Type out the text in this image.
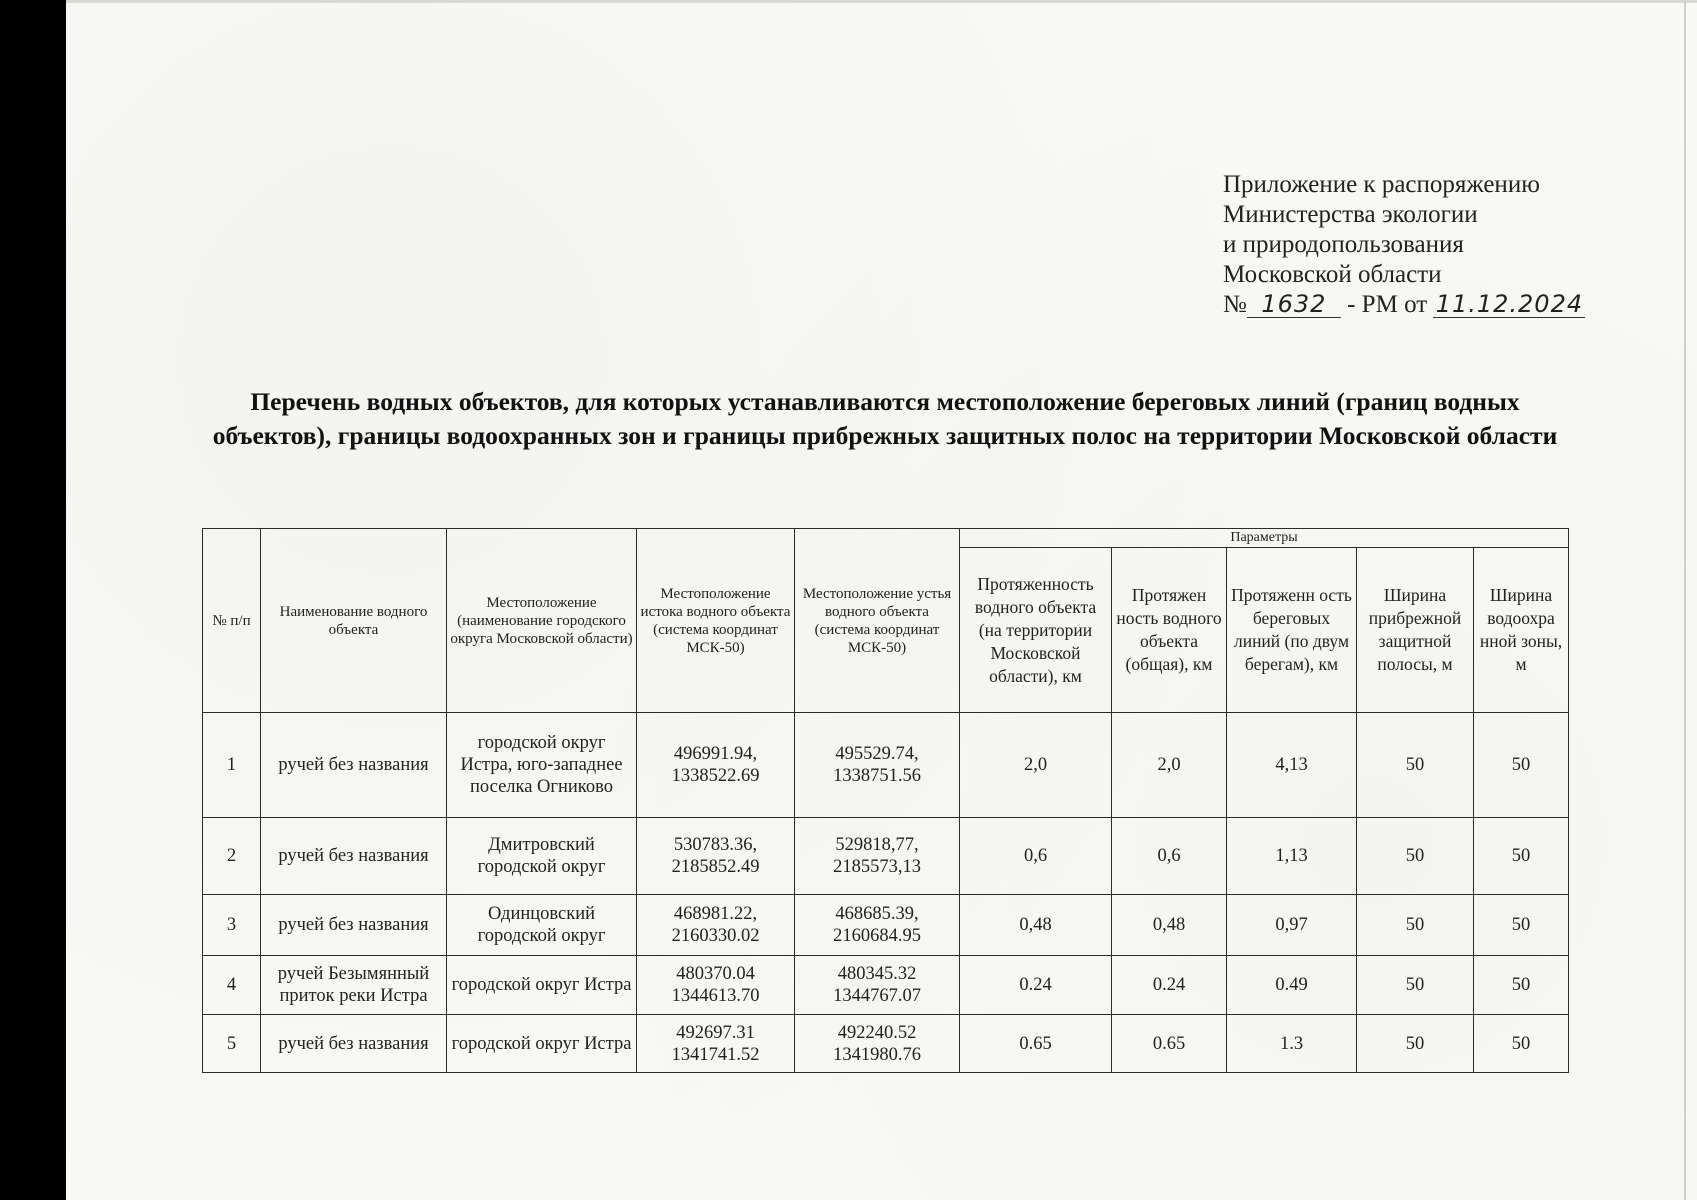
Приложение к распоряжению
Министерства экологии
и природопользования
Московской области
№ 1632 - РМ от 11.12.2024
Перечень водных объектов, для которых устанавливаются местоположение береговых линий (границ водных объектов), границы водоохранных зон и границы прибрежных защитных полос на территории Московской области
№ п/п	Наименование водного объекта	Местоположение (наименование городского округа Московской области)	Местоположение истока водного объекта (система координат МСК-50)	Местоположение устья водного объекта (система координат МСК-50)	Параметры				
					Протяженность водного объекта (на территории Московской области), км	Протяжен ность водного объекта (общая), км	Протяженн ость береговых линий (по двум берегам), км	Ширина прибрежной защитной полосы, м	Ширина водоохра нной зоны, м
1	ручей без названия	городской округ Истра, юго-западнее поселка Огниково	496991.94, 1338522.69	495529.74, 1338751.56	2,0	2,0	4,13	50	50
2	ручей без названия	Дмитровский городской округ	530783.36, 2185852.49	529818,77, 2185573,13	0,6	0,6	1,13	50	50
3	ручей без названия	Одинцовский городской округ	468981.22, 2160330.02	468685.39, 2160684.95	0,48	0,48	0,97	50	50
4	ручей Безымянный приток реки Истра	городской округ Истра	480370.04 1344613.70	480345.32 1344767.07	0.24	0.24	0.49	50	50
5	ручей без названия	городской округ Истра	492697.31 1341741.52	492240.52 1341980.76	0.65	0.65	1.3	50	50
